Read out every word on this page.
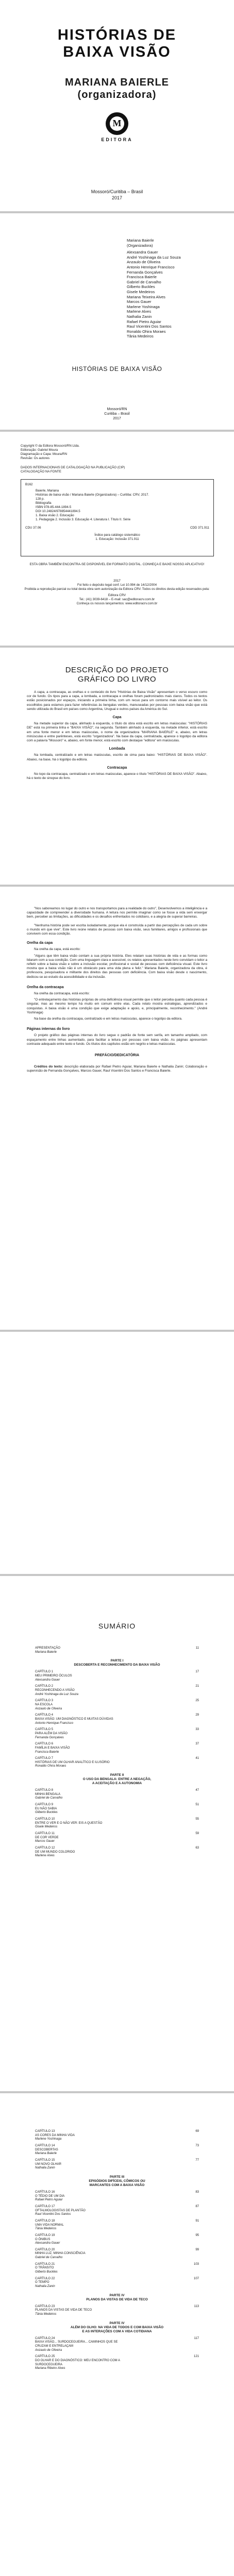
HISTÓRIAS DE
BAIXA VISÃO
MARIANA BAIERLE
(organizadora)
M
EDITORA
Mossoró/Curitiba – Brasil
2017
Mariana Baierle
(Organizadora)
Alexsandra Gauer
André Yoshinaga da Luz Souza
Anzaulo de Oliveira
Antonio Henrique Francisco
Fernanda Gonçalves
Francisca Baierle
Gabriel de Carvalho
Gilberto Buckles
Gisele Medeiros
Mariana Teixeira Alves
Marcos Gauer
Marlene Yoshinaga
Marlene Alves
Nathalia Zanin
Rafael Pietro Aguiar
Raul Vicentini Dos Santos
Ronaldo Ohira Moraes
Tânia Medeiros
HISTÓRIAS DE BAIXA VISÃO
Mossoró/RN
Curitiba – Brasil
2017
Copyright © da Editora Mossoró/RN Ltda.
Editoração: Gabriel Moura
Diagramação e Capa: Moura/RN
Revisão: Os autores
DADOS INTERNACIONAIS DE CATALOGAÇÃO NA PUBLICAÇÃO (CIP)
CATALOGAÇÃO NA FONTE
B162
Baierle, Mariana
Histórias de baixa visão / Mariana Baierle (Organizadora) – Curitiba: CRV, 2017.
128 p.
Bibliografia
ISBN 978-85-444-1894-5
DOI 10.24824/978854441894.5
1. Baixa visão 2. Educação
1. Pedagogia 2. Inclusão 3. Educação 4. Literatura I. Título II. Série
CDU 37.06	CDD 371.911
Índice para catálogo sistemático
1. Educação: Inclusão 371.911
ESTA OBRA TAMBÉM ENCONTRA-SE DISPONÍVEL EM FORMATO DIGITAL. CONHEÇA E BAIXE NOSSO APLICATIVO!
2017
Foi feito o depósito legal conf. Lei 10.994 de 14/12/2004
Proibida a reprodução parcial ou total desta obra sem autorização da Editora CRV. Todos os direitos desta edição reservados pela:
Editora CRV
Tel.: (41) 3039-6418 – E-mail: sac@editoracrv.com.br
Conheça os nossos lançamentos: www.editoracrv.com.br
DESCRIÇÃO DO PROJETO
GRÁFICO DO LIVRO

A capa, a contracapa, as orelhas e o conteúdo do livro "Histórias de Baixa Visão" apresentam o verso escuro como cor de fundo. Os tipos para a capa, a lombada, a contracapa e orelhas foram padronizados mais claros. Todos os textos estão posicionados por espaços, iniciando a primeira linha, com um recuo para um contorno mais visível ao leitor. Os escolhidos para estamos para fazer referências às bengalas verdes, manuseadas por pessoas com baixa visão que está sendo utilizada do Brasil em países como Argentina, Uruguai e outros países da América do Sul.

Capa

Na metade superior da capa, alinhado à esquerda, o título do obra está escrito em letras maiúsculas: "HISTÓRIAS DE" está na primeira linha e "BAIXA VISÃO", na segunda. Também alinhado à esquerda, na metade inferior, está escrito em uma fonte menor e em letras maiúsculas, o nome da organizadora "MARIANA BAIERLE" e, abaixo, em letras minúsculas e entre parênteses, está escrito "organizadora". Na base da capa, centralizada, aparece o logotipo da editora com a palavra "Mossoró" e, abaixo, em fonte menor, está escrito com destaque "editora" em maiúsculas.

Lombada

Na lombada, centralizado e em letras maiúsculas, escrito de cima para baixo: "HISTÓRIAS DE BAIXA VISÃO". Abaixo, na base, há o logotipo da editora.

Contracapa

No topo da contracapa, centralizado e em letras maiúsculas, aparece o título "HISTÓRIAS DE BAIXA VISÃO". Abaixo, há o texto de sinopse do livro.

"Nos saboreamos no lugar do outro e nos transportamos para a realidade do outro", Desenvolvemos a inteligência e a capacidade de compreender a diversidade humana. A leitura nos permite imaginar como se fosse a vida sem enxergar bem, perceber as limitações, as dificuldades e os desafios enfrentados no cotidiano, e a alegria de superar barreiras.

"Nenhuma história pode ser escrita isoladamente, porque ela é construída a partir das percepções de cada um sobre o mundo em que vive". Este livro reúne relatos de pessoas com baixa visão, seus familiares, amigos e profissionais que convivem com essa condição.

Orelha da capa

Na orelha da capa, está escrito:

"Alguns que têm baixa visão contam a sua própria história. Eles relatam suas histórias de vida e as formas como lidaram com a sua condição. Com uma linguagem clara e acessível, os relatos apresentados neste livro convidam o leitor a refletir sobre a baixa visão e sobre a inclusão escolar, profissional e social de pessoas com deficiência visual. Este livro mostra que a baixa visão não é um obstáculo para uma vida plena e feliz." Mariana Baierle, organizadora da obra, é professora, pesquisadora e militante dos direitos das pessoas com deficiência. Com baixa visão desde o nascimento, dedicou-se ao estudo da acessibilidade e da inclusão.

Orelha da contracapa

Na orelha da contracapa, está escrito:

"O entrelaçamento das histórias próprias de uma deficiência visual permite que o leitor perceba quanto cada pessoa é singular, mas ao mesmo tempo há muito em comum entre elas. Cada relato mostra estratégias, aprendizados e conquistas. A baixa visão é uma condição que exige adaptação e apoio, e, principalmente, reconhecimento." (André Yoshinaga)

Na base da orelha da contracapa, centralizado e em letras maiúsculas, aparece o logotipo da editora.

Páginas internas do livro

O projeto gráfico das páginas internas do livro segue o padrão de fonte sem serifa, em tamanho ampliado, com espaçamento entre linhas aumentado, para facilitar a leitura por pessoas com baixa visão. As páginas apresentam contraste adequado entre texto e fundo. Os títulos dos capítulos estão em negrito e letras maiúsculas.

PREFÁCIO/DEDICATÓRIA

Créditos do texto: descrição elaborada por Rafael Pietro Aguiar, Mariana Baierle e Nathalia Zanin; Colaboração e supervisão de Fernanda Gonçalves, Marcos Gauer, Raul Vicentini Dos Santos e Francisca Baierle.

SUMÁRIO
APRESENTAÇÃO	11
Mariana Baierle
PARTE I
DESCOBERTA E RECONHECIMENTO DA BAIXA VISÃO
CAPÍTULO 1
MEU PRIMEIRO ÓCULOS
17
Alexsandra Gauer
CAPÍTULO 2
RECONHECENDO A VISÃO
21
André Yoshinaga da Luz Souza
CAPÍTULO 3
NA ESCOLA
25
Anzaulo de Oliveira
CAPÍTULO 4
BAIXA VISÃO: UM DIAGNÓSTICO E MUITAS DÚVIDAS
29
Antonio Henrique Francisco
CAPÍTULO 5
PARA ALÉM DA VISÃO
33
Fernanda Gonçalves
CAPÍTULO 6
FAMÍLIA E BAIXA VISÃO
37
Francisca Baierle
CAPÍTULO 7
HISTÓRIAS DE UM OLHAR ANALÍTICO E ILUSÓRIO
41
Ronaldo Ohira Moraes
PARTE II
O USO DA BENGALA: ENTRE A NEGAÇÃO,
A ACEITAÇÃO E A AUTONOMIA
CAPÍTULO 8
MINHA BENGALA
47
Gabriel de Carvalho
CAPÍTULO 9
EU NÃO SABIA
51
Gilberto Buckles
CAPÍTULO 10
ENTRE O VER E O NÃO VER: EIS A QUESTÃO
55
Gisele Medeiros
CAPÍTULO 11
DE COR VERDE
59
Marcos Gauer
CAPÍTULO 12
DE UM MUNDO COLORIDO
63
Marlene Alves
CAPÍTULO 13
AS CORES DA MINHA VIDA
69
Marlene Yoshinaga
CAPÍTULO 14
DESCOBERTAS
73
Mariana Baierle
CAPÍTULO 15
UM NOVO OLHAR
77
Nathalia Zanin
PARTE III
EPISÓDIOS DIFÍCEIS, CÔMICOS OU
MARCANTES COM A BAIXA VISÃO
CAPÍTULO 16
O TÉDIO DE UM DIA
83
Rafael Pietro Aguiar
CAPÍTULO 17
OFTALMOLOGISTAS DE PLANTÃO
87
Raul Vicentini Dos Santos
CAPÍTULO 18
UMA VIDA NORMAL
91
Tânia Medeiros
CAPÍTULO 19
O ÔNIBUS
95
Alexsandra Gauer
CAPÍTULO 20
MINHA LUZ, MINHA CONSCIÊNCIA
99
Gabriel de Carvalho
CAPÍTULO 21
O TRÂNSITO
103
Gilberto Buckles
CAPÍTULO 22
O TEMPO
107
Nathalia Zanin
PARTE IV
PLANOS DA VISTAS DE VIDA DE TECO
CAPÍTULO 23
PLANOS DA VISTAS DE VIDA DE TECO
113
Tânia Medeiros
PARTE IV
ALÉM DO OLHO: NA VIDA DE TODOS E COM BAIXA VISÃO
E AS INTERAÇÕES COM A VIDA COTIDIANA
CAPÍTULO 24
BAIXA VISÃO... SURDOCEGUEIRA... CAMINHOS QUE SE
CRUZAM E ENTRELAÇAM
117
Anzaulo de Oliveira
CAPÍTULO 25
DO OLHAR E DO DIAGNÓSTICO: MEU ENCONTRO COM A
SURDOCEGUEIRA
121
Mariana Ribeiro Alves
